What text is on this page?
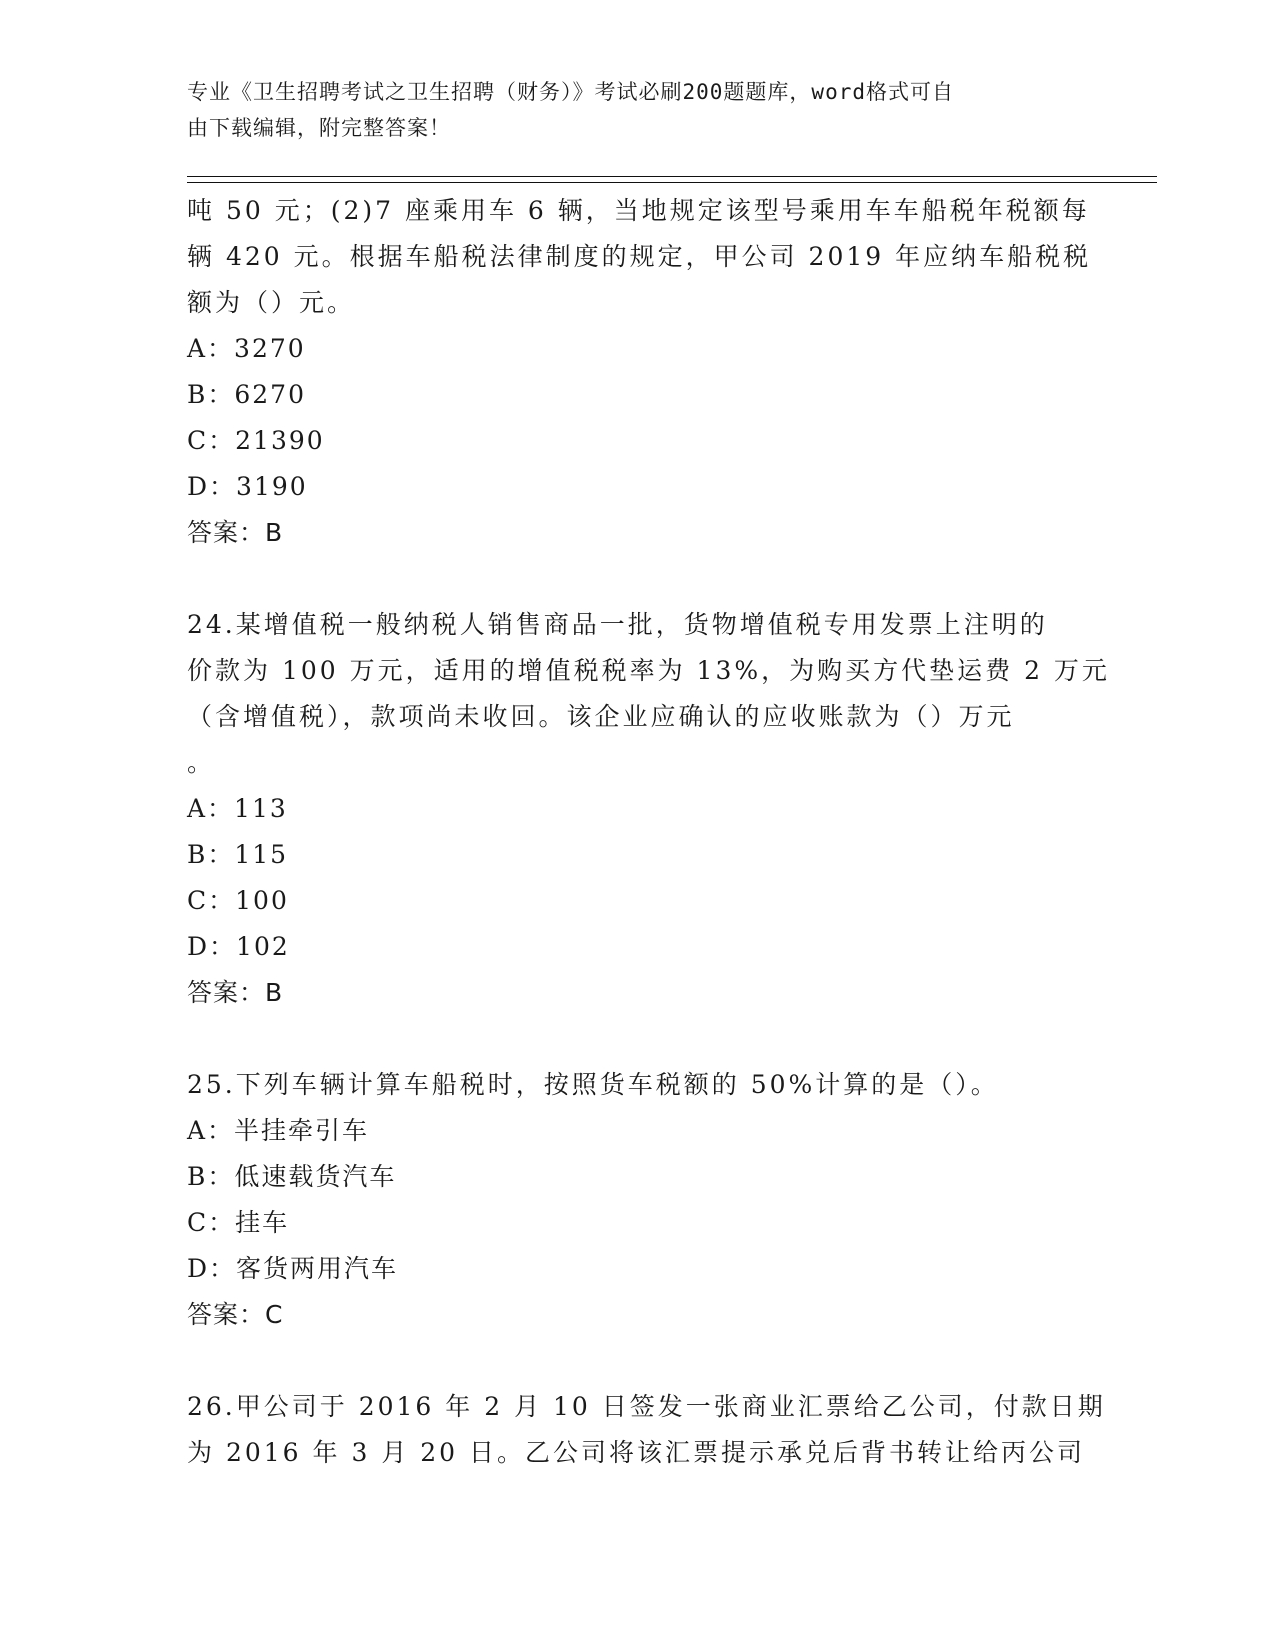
专业《卫生招聘考试之卫生招聘（财务）》考试必刷200题题库，word格式可自
由下载编辑，附完整答案！
吨 50 元；(2)7 座乘用车 6 辆，当地规定该型号乘用车车船税年税额每
辆 420 元。根据车船税法律制度的规定，甲公司 2019 年应纳车船税税
额为（）元。
A：3270
B：6270
C：21390
D：3190
答案：B
24.某增值税一般纳税人销售商品一批，货物增值税专用发票上注明的
价款为 100 万元，适用的增值税税率为 13%，为购买方代垫运费 2 万元
（含增值税），款项尚未收回。该企业应确认的应收账款为（）万元
。
A：113
B：115
C：100
D：102
答案：B
25.下列车辆计算车船税时，按照货车税额的 50%计算的是（）。
A：半挂牵引车
B：低速载货汽车
C：挂车
D：客货两用汽车
答案：C
26.甲公司于 2016 年 2 月 10 日签发一张商业汇票给乙公司，付款日期
为 2016 年 3 月 20 日。乙公司将该汇票提示承兑后背书转让给丙公司
